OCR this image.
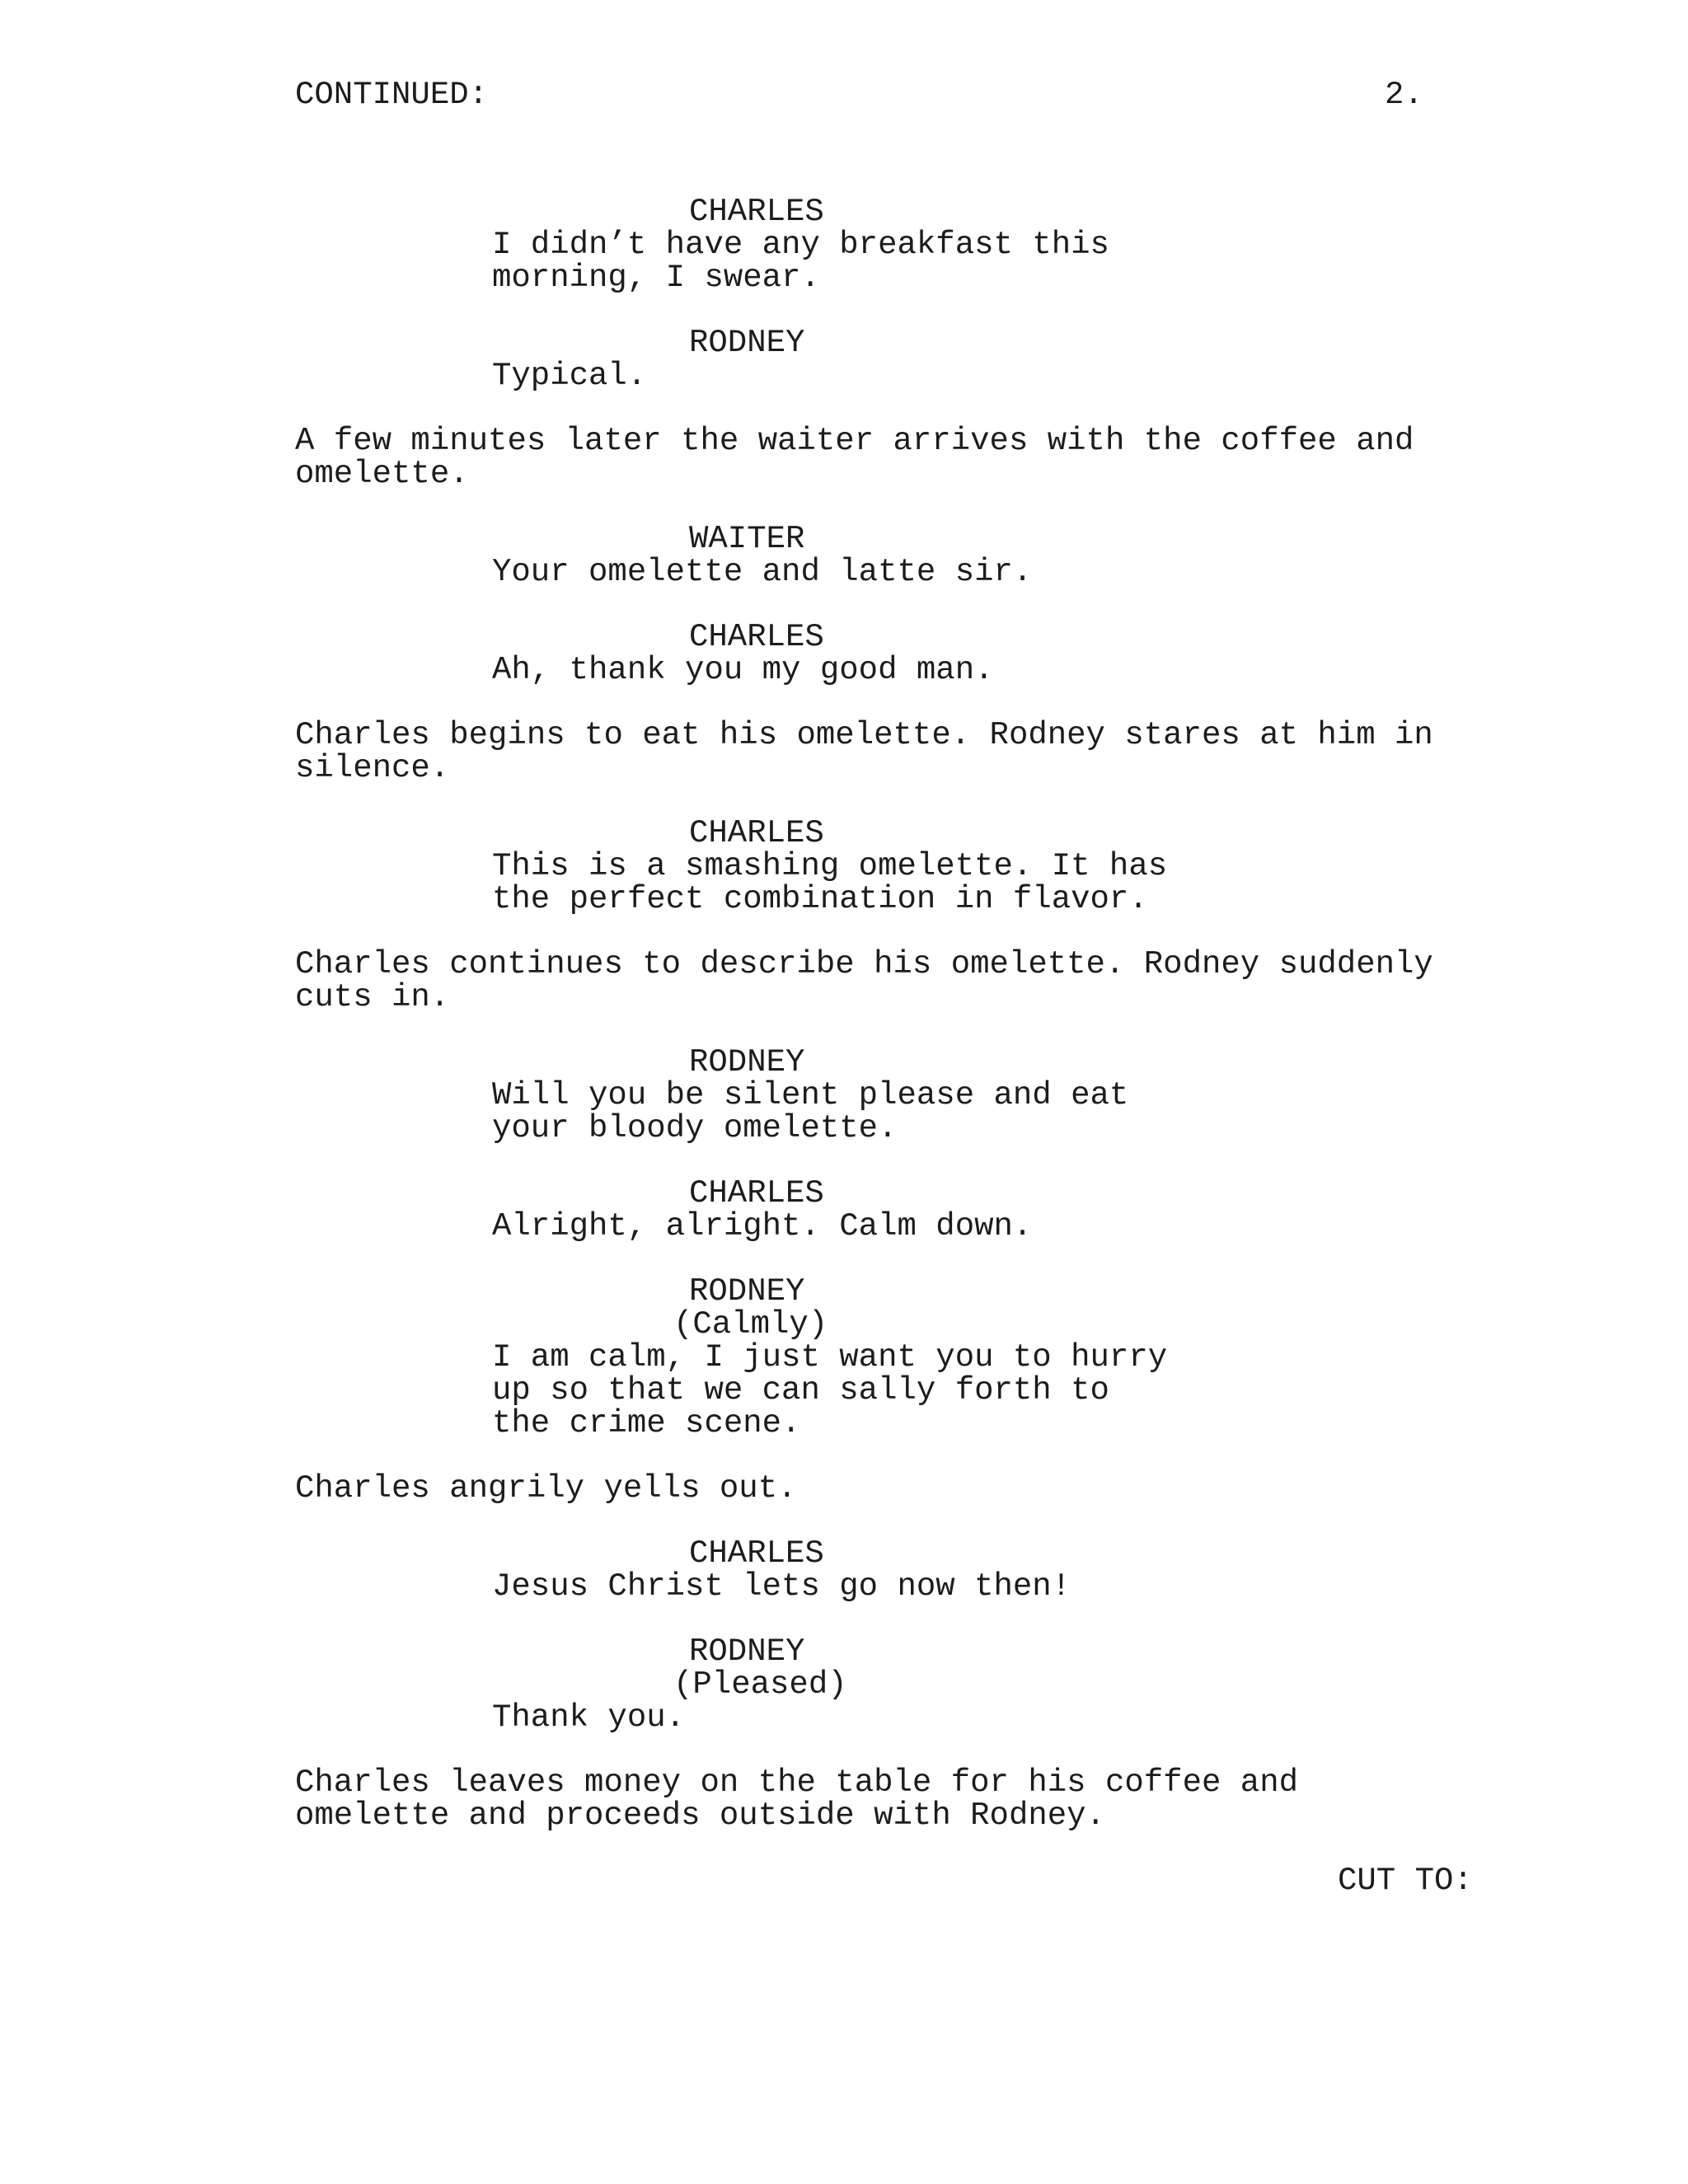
CONTINUED:	2.
CHARLES
I didn’t have any breakfast this
morning, I swear.
RODNEY
Typical.
A few minutes later the waiter arrives with the coffee and
omelette.
WAITER
Your omelette and latte sir.
CHARLES
Ah, thank you my good man.
Charles begins to eat his omelette. Rodney stares at him in
silence.
CHARLES
This is a smashing omelette. It has
the perfect combination in flavor.
Charles continues to describe his omelette. Rodney suddenly
cuts in.
RODNEY
Will you be silent please and eat
your bloody omelette.
CHARLES
Alright, alright. Calm down.
RODNEY
(Calmly)
I am calm, I just want you to hurry
up so that we can sally forth to
the crime scene.
Charles angrily yells out.
CHARLES
Jesus Christ lets go now then!
RODNEY
(Pleased)
Thank you.
Charles leaves money on the table for his coffee and
omelette and proceeds outside with Rodney.
CUT TO:
